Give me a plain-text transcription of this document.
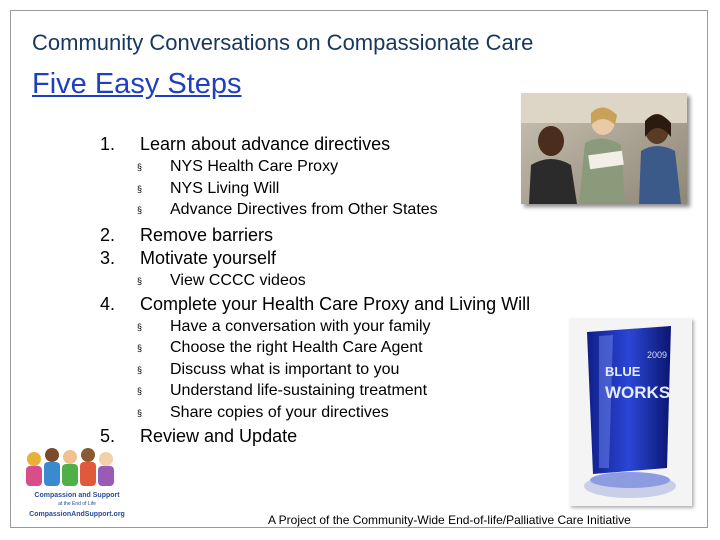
Community Conversations on Compassionate Care
Five Easy Steps
1. Learn about advance directives
§ NYS Health Care Proxy
§ NYS Living Will
§ Advance Directives from Other States
2. Remove barriers
3. Motivate yourself
§ View CCCC videos
4. Complete your Health Care Proxy and Living Will
§ Have a conversation with your family
§ Choose the right Health Care Agent
§ Discuss what is important to you
§ Understand life-sustaining treatment
§ Share copies of your directives
5. Review and Update
2009
BLUE
WORKS
Compassion and Support
at the End of Life
CompassionAndSupport.org	A Project of the Community-Wide End-of-life/Palliative Care Initiative
